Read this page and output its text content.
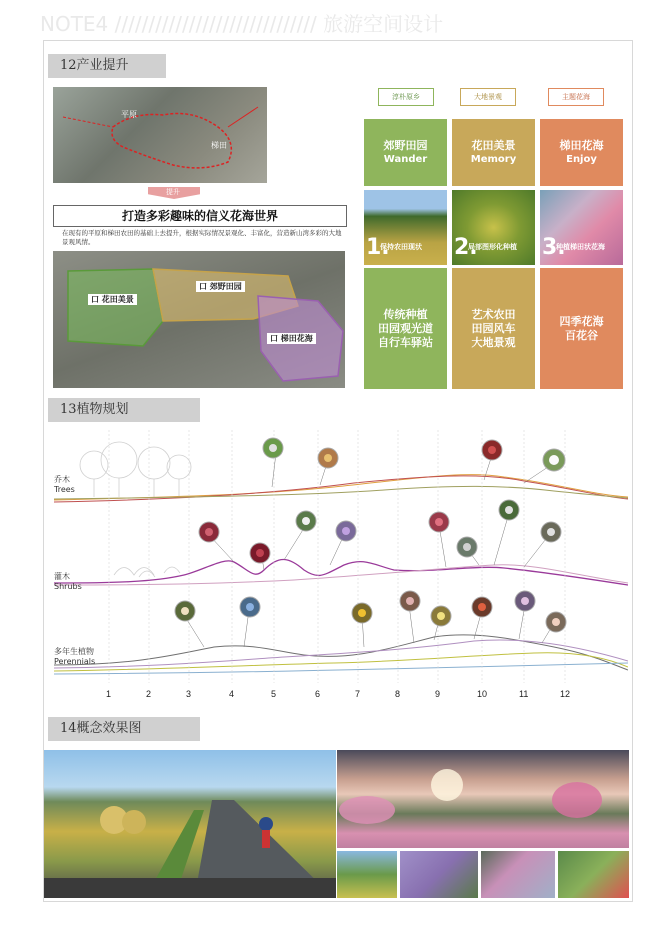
NOTE4 ////////////////////////////// 旅游空间设计
12产业提升
平原
梯田
提升
打造多彩趣味的信义花海世界
在现有的平原和梯田农田的基础上去提升，根据实际情况景观化、丰富化，营造新山湾多彩的大地景观风情。
口 花田美景
口 郊野田园
口 梯田花海
淳朴原乡	大地景观	主题花海
郊野田园
Wander
花田美景
Memory
梯田花海
Enjoy
1.
保持农田现状 2.
局部图形化种植 3.
种植梯田状花海
传统种植
田园观光道
自行车驿站
艺术农田
田园风车
大地景观
四季花海
百花谷
13植物规划
乔木
Trees
灌木
Shrubs
多年生植物
Perennials
1	2	3	4	5	6	7	8	9	10	11	12
14概念效果图
